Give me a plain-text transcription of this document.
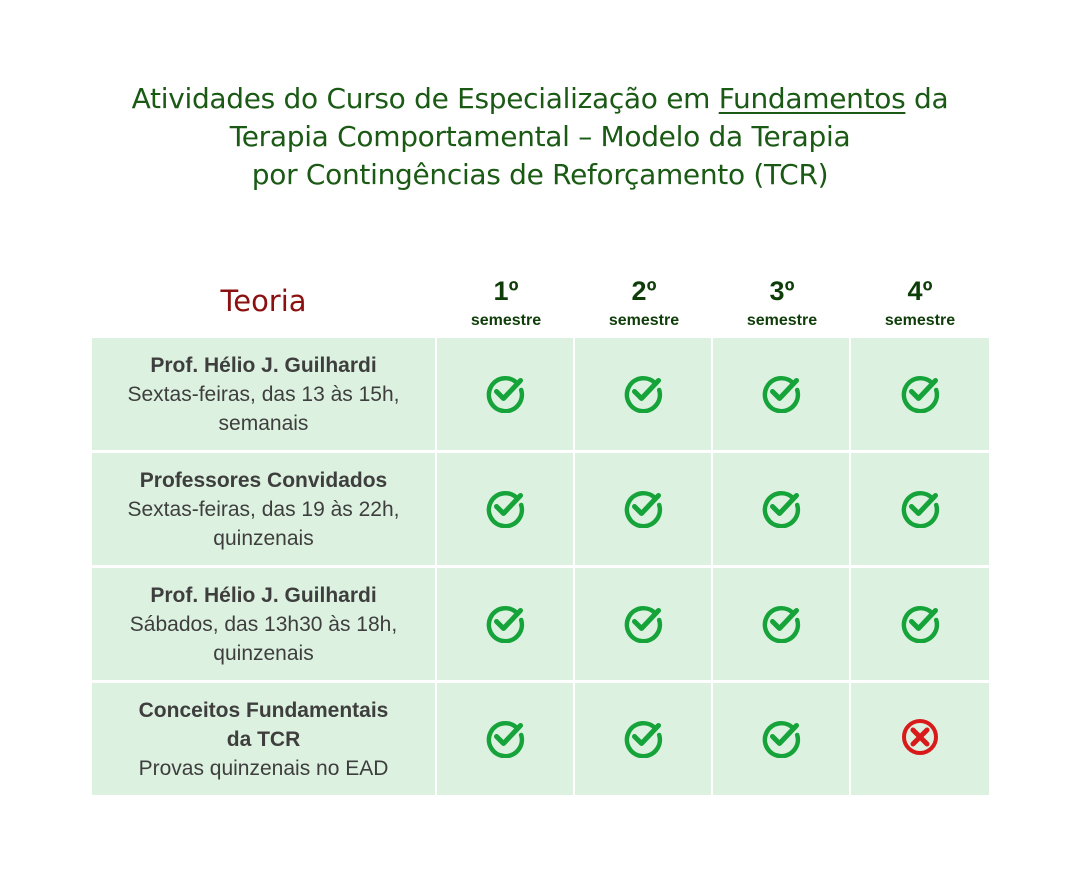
Atividades do Curso de Especialização em Fundamentos da
Terapia Comportamental – Modelo da Terapia
por Contingências de Reforçamento (TCR)
Teoria	1º
semestre
2º
semestre
3º
semestre
4º
semestre
Prof. Hélio J. Guilhardi
Sextas-feiras, das 13 às 15h,
semanais
Professores Convidados
Sextas-feiras, das 19 às 22h,
quinzenais
Prof. Hélio J. Guilhardi
Sábados, das 13h30 às 18h,
quinzenais
Conceitos Fundamentais
da TCR
Provas quinzenais no EAD
